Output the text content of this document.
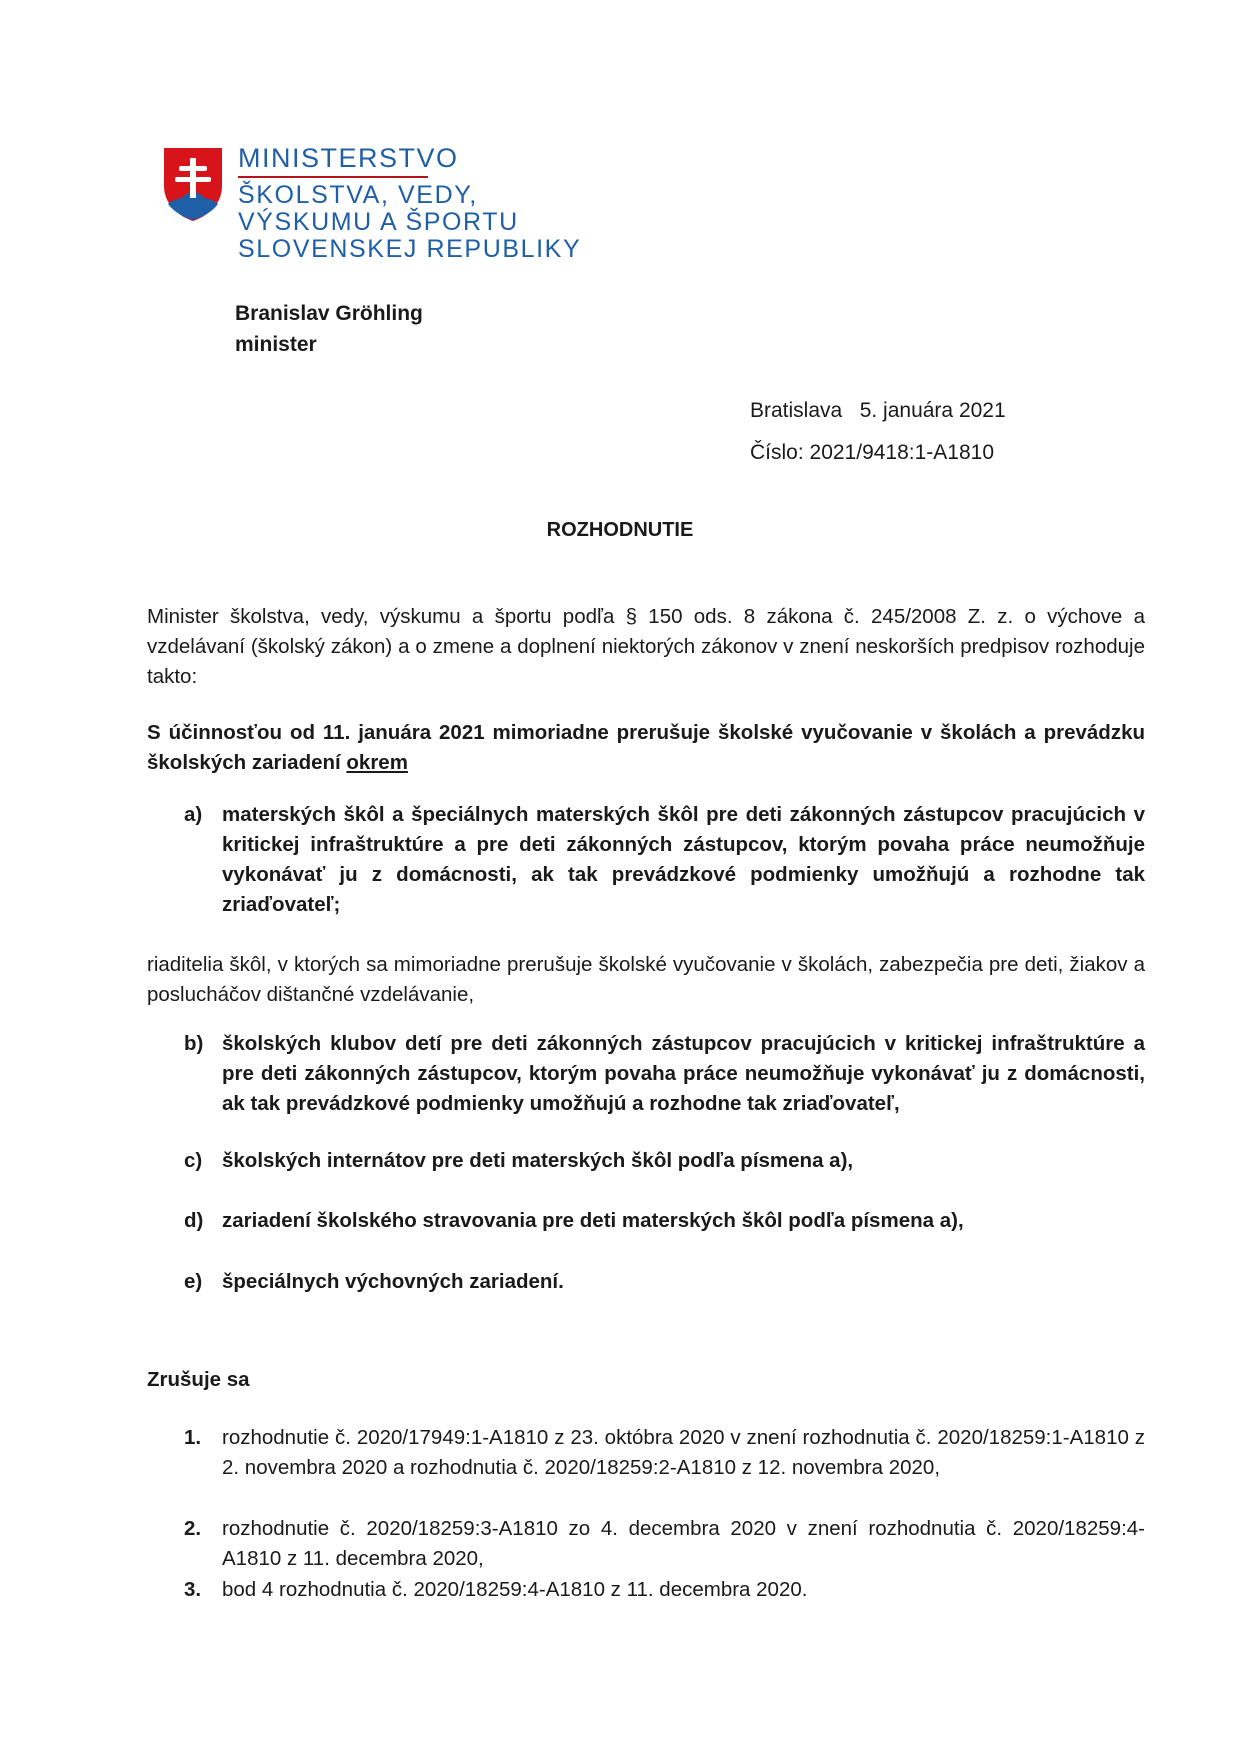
MINISTERSTVO
ŠKOLSTVA, VEDY,
VÝSKUMU A ŠPORTU
SLOVENSKEJ REPUBLIKY
Branislav Gröhling
minister
Bratislava   5. januára 2021
Číslo: 2021/9418:1-A1810
ROZHODNUTIE
Minister školstva, vedy, výskumu a športu podľa § 150 ods. 8 zákona č. 245/2008 Z. z. o výchove a vzdelávaní (školský zákon) a o zmene a doplnení niektorých zákonov v znení neskorších predpisov rozhoduje takto:
S účinnosťou od 11. januára 2021 mimoriadne prerušuje školské vyučovanie v školách a prevádzku školských zariadení okrem
a) materských škôl a špeciálnych materských škôl pre deti zákonných zástupcov pracujúcich v kritickej infraštruktúre a pre deti zákonných zástupcov, ktorým povaha práce neumožňuje vykonávať ju z domácnosti, ak tak prevádzkové podmienky umožňujú a rozhodne tak zriaďovateľ;
riaditelia škôl, v ktorých sa mimoriadne prerušuje školské vyučovanie v školách, zabezpečia pre deti, žiakov a poslucháčov dištančné vzdelávanie,
b) školských klubov detí pre deti zákonných zástupcov pracujúcich v kritickej infraštruktúre a pre deti zákonných zástupcov, ktorým povaha práce neumožňuje vykonávať ju z domácnosti, ak tak prevádzkové podmienky umožňujú a rozhodne tak zriaďovateľ,
c) školských internátov pre deti materských škôl podľa písmena a),
d) zariadení školského stravovania pre deti materských škôl podľa písmena a),
e) špeciálnych výchovných zariadení.
Zrušuje sa
1. rozhodnutie č. 2020/17949:1-A1810 z 23. októbra 2020 v znení rozhodnutia č. 2020/18259:1-A1810 z 2. novembra 2020 a rozhodnutia č. 2020/18259:2-A1810 z 12. novembra 2020,
2. rozhodnutie č. 2020/18259:3-A1810 zo 4. decembra 2020 v znení rozhodnutia č. 2020/18259:4-A1810 z 11. decembra 2020,
3. bod 4 rozhodnutia č. 2020/18259:4-A1810 z 11. decembra 2020.
